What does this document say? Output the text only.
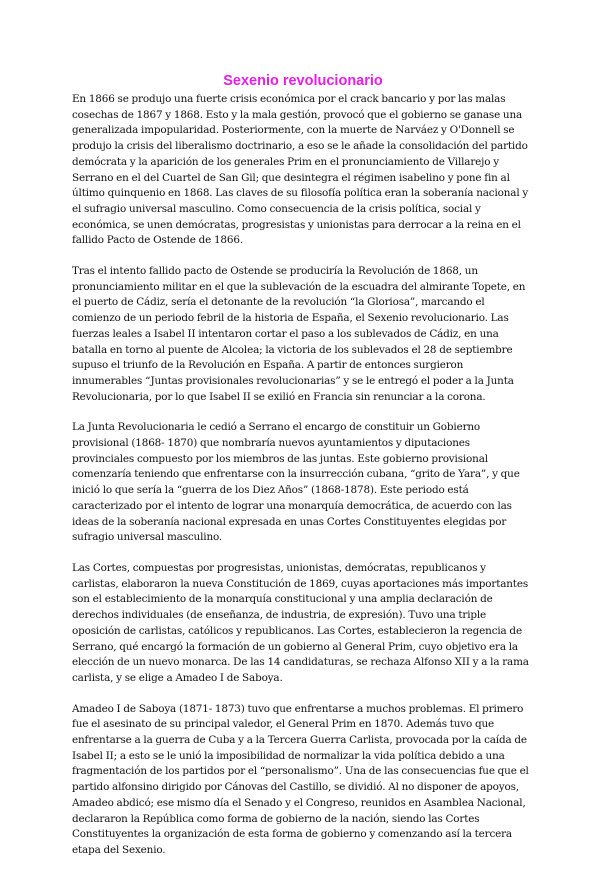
Sexenio revolucionario

En 1866 se produjo una fuerte crisis económica por el crack bancario y por las malas cosechas de 1867 y 1868. Esto y la mala gestión, provocó que el gobierno se ganase una generalizada impopularidad. Posteriormente, con la muerte de Narváez y O'Donnell se produjo la crisis del liberalismo doctrinario, a eso se le añade la consolidación del partido demócrata y la aparición de los generales Prim en el pronunciamiento de Villarejo y Serrano en el del Cuartel de San Gil; que desintegra el régimen isabelino y pone fin al último quinquenio en 1868. Las claves de su filosofía política eran la soberanía nacional y el sufragio universal masculino. Como consecuencia de la crisis política, social y económica, se unen demócratas, progresistas y unionistas para derrocar a la reina en el fallido Pacto de Ostende de 1866.

Tras el intento fallido pacto de Ostende se produciría la Revolución de 1868, un pronunciamiento militar en el que la sublevación de la escuadra del almirante Topete, en el puerto de Cádiz, sería el detonante de la revolución “la Gloriosa”, marcando el comienzo de un periodo febril de la historia de España, el Sexenio revolucionario. Las fuerzas leales a Isabel II intentaron cortar el paso a los sublevados de Cádiz, en una batalla en torno al puente de Alcolea; la victoria de los sublevados el 28 de septiembre supuso el triunfo de la Revolución en España. A partir de entonces surgieron innumerables “Juntas provisionales revolucionarias” y se le entregó el poder a la Junta Revolucionaria, por lo que Isabel II se exilió en Francia sin renunciar a la corona.

La Junta Revolucionaria le cedió a Serrano el encargo de constituir un Gobierno provisional (1868- 1870) que nombraría nuevos ayuntamientos y diputaciones provinciales compuesto por los miembros de las juntas. Este gobierno provisional comenzaría teniendo que enfrentarse con la insurrección cubana, “grito de Yara”, y que inició lo que sería la “guerra de los Diez Años” (1868-1878). Este periodo está caracterizado por el intento de lograr una monarquía democrática, de acuerdo con las ideas de la soberanía nacional expresada en unas Cortes Constituyentes elegidas por sufragio universal masculino.

Las Cortes, compuestas por progresistas, unionistas, demócratas, republicanos y carlistas, elaboraron la nueva Constitución de 1869, cuyas aportaciones más importantes son el establecimiento de la monarquía constitucional y una amplia declaración de derechos individuales (de enseñanza, de industria, de expresión). Tuvo una triple oposición de carlistas, católicos y republicanos. Las Cortes, establecieron la regencia de Serrano, qué encargó la formación de un gobierno al General Prim, cuyo objetivo era la elección de un nuevo monarca. De las 14 candidaturas, se rechaza Alfonso XII y a la rama carlista, y se elige a Amadeo I de Saboya.

Amadeo I de Saboya (1871- 1873) tuvo que enfrentarse a muchos problemas. El primero fue el asesinato de su principal valedor, el General Prim en 1870. Además tuvo que enfrentarse a la guerra de Cuba y a la Tercera Guerra Carlista, provocada por la caída de Isabel II; a esto se le unió la imposibilidad de normalizar la vida política debido a una fragmentación de los partidos por el “personalismo”. Una de las consecuencias fue que el partido alfonsino dirigido por Cánovas del Castillo, se dividió. Al no disponer de apoyos, Amadeo abdicó; ese mismo día el Senado y el Congreso, reunidos en Asamblea Nacional, declararon la República como forma de gobierno de la nación, siendo las Cortes Constituyentes la organización de esta forma de gobierno y comenzando así la tercera etapa del Sexenio.
